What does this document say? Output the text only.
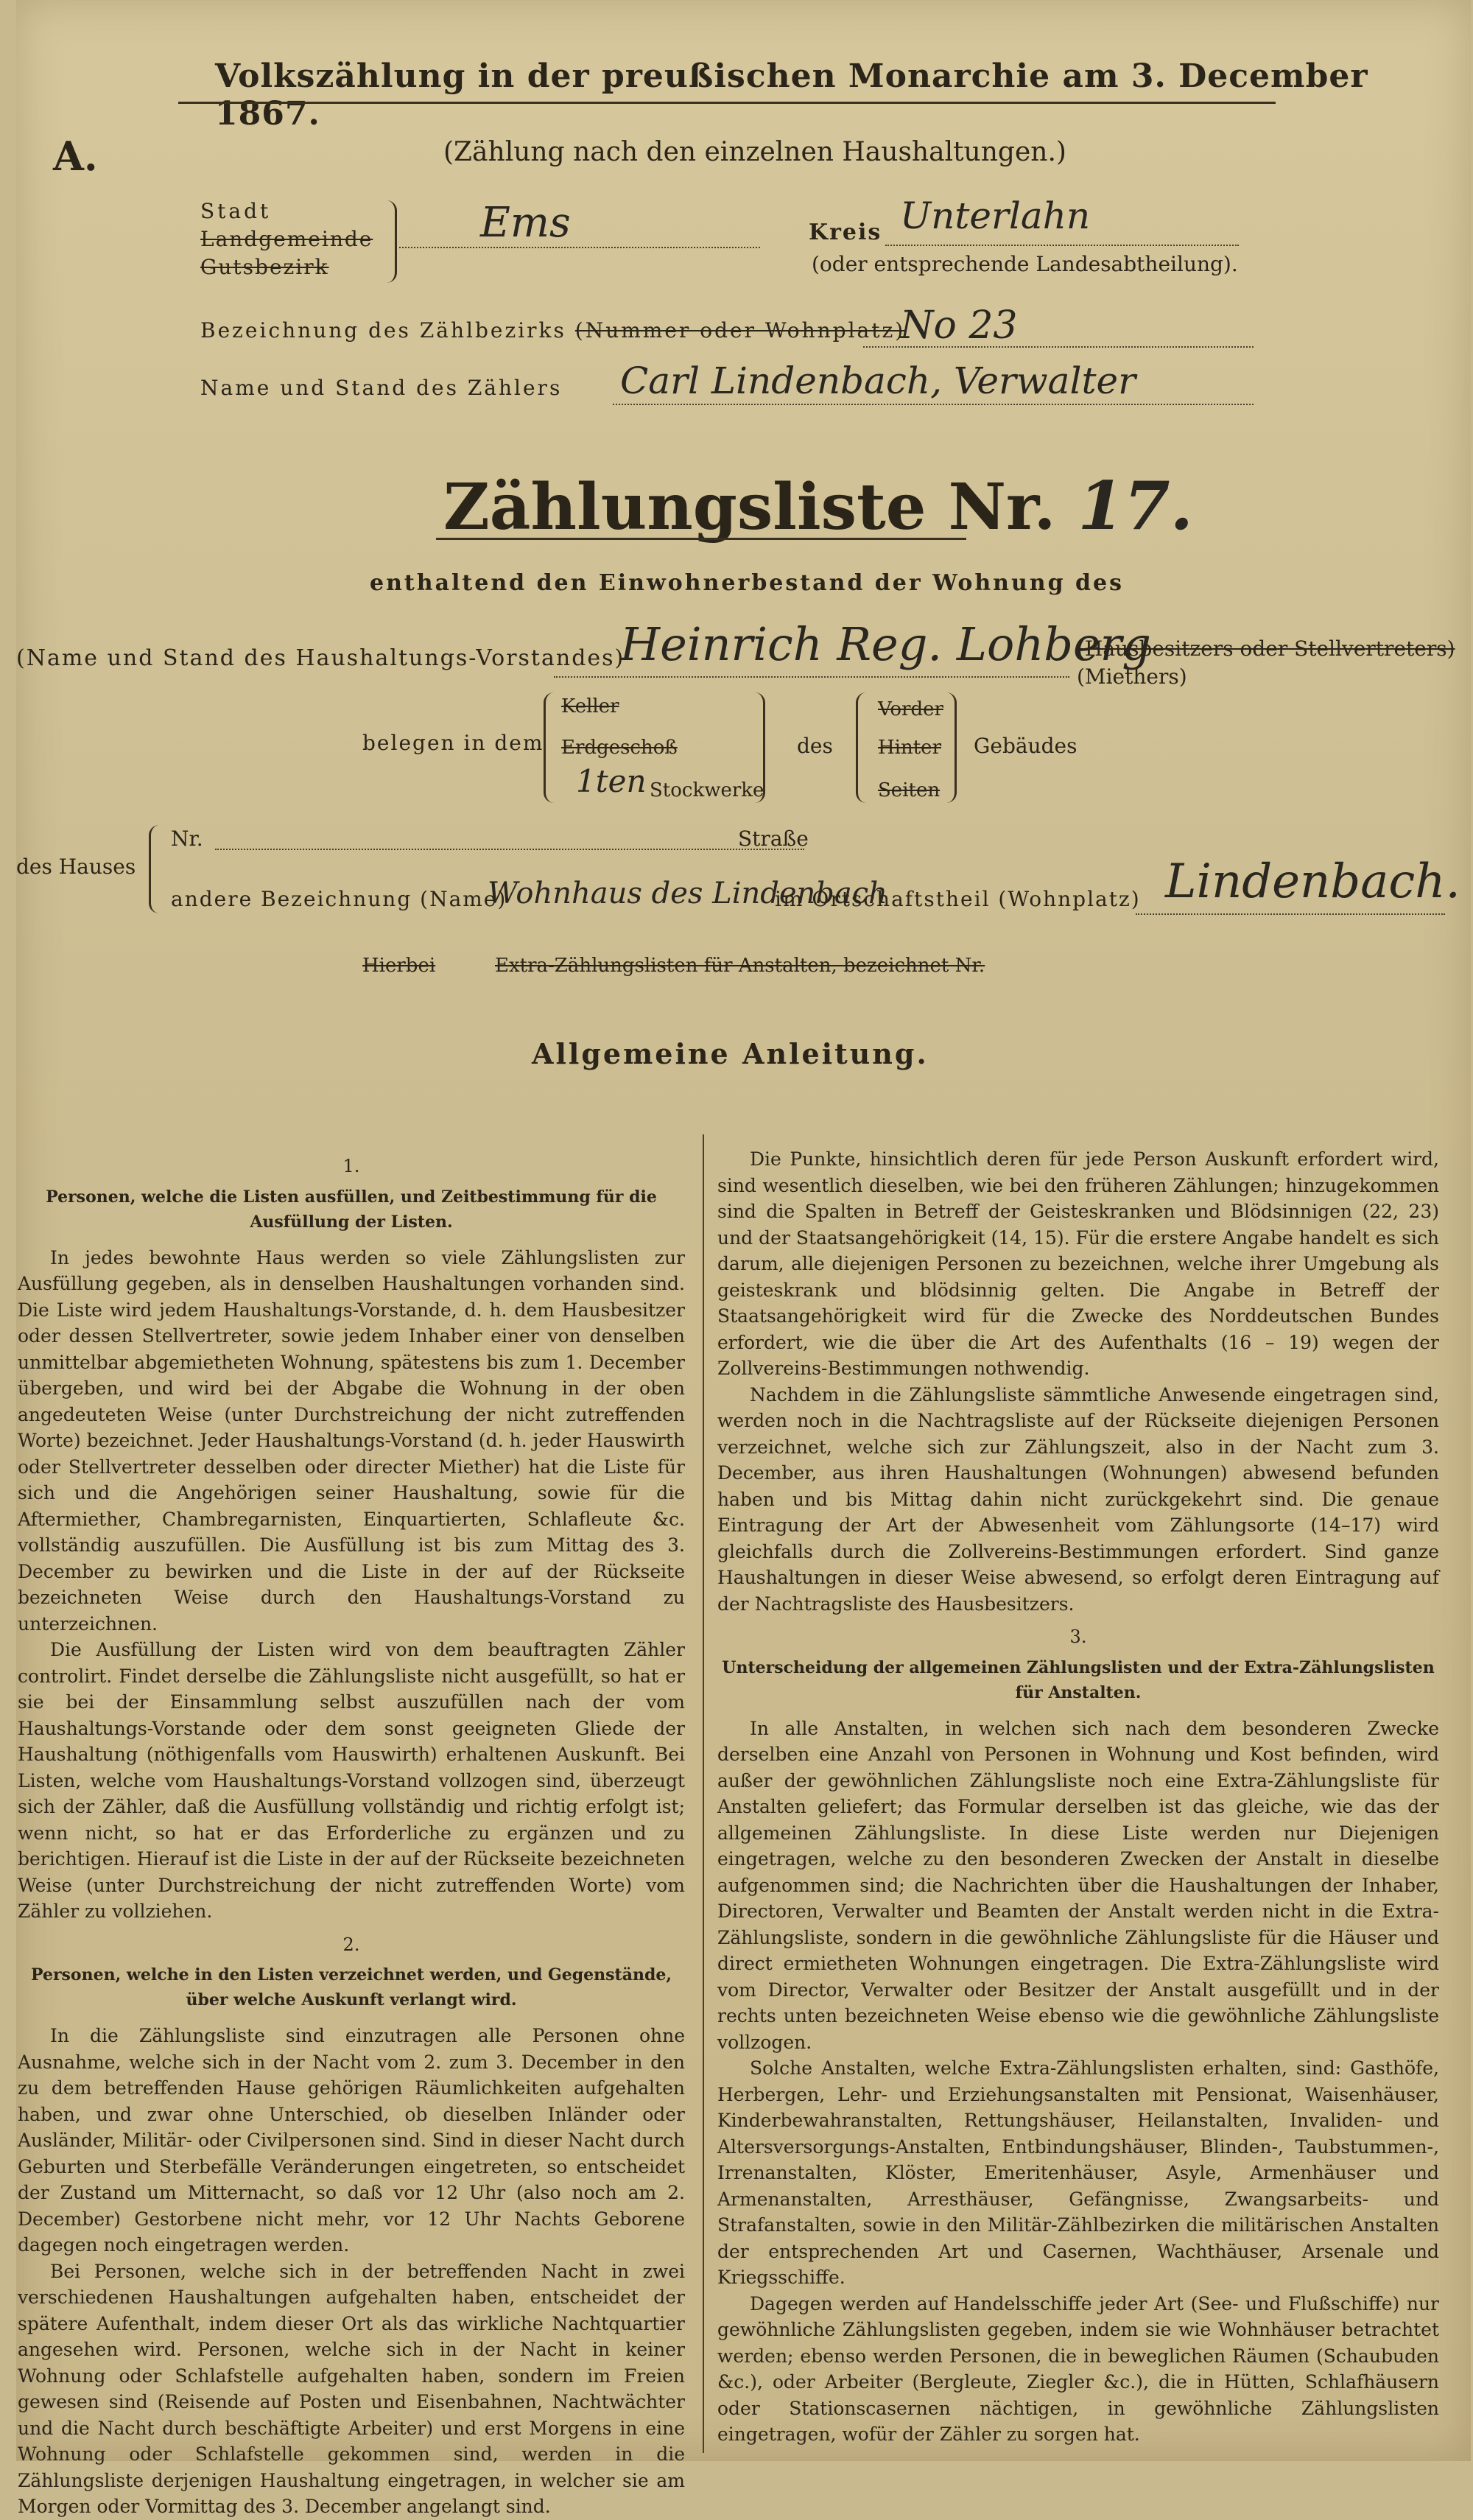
Volkszählung in der preußischen Monarchie am 3. December 1867.
A.	(Zählung nach den einzelnen Haushaltungen.)
Stadt
Landgemeinde
Gutsbezirk
Ems	Kreis Unterlahn
(oder entsprechende Landesabtheilung).
Bezeichnung des Zählbezirks (Nummer oder Wohnplatz)
No 23
Name und Stand des Zählers Carl Lindenbach, Verwalter
Zählungsliste Nr. 17.
enthaltend den Einwohnerbestand der Wohnung des
(Name und Stand des Haushaltungs-Vorstandes)
Heinrich Reg. Lohberg
(Hausbesitzers oder Stellvertreters)
(Miethers)
belegen in dem
Keller
Erdgeschoß
1ten Stockwerke
des
Vorder
Hinter
Seiten
Gebäudes
des Hauses
Nr.	Straße
andere Bezeichnung (Name)
Wohnhaus des Lindenbach
im Ortschaftstheil (Wohnplatz) Lindenbach.
Hierbei	Extra-Zählungslisten für Anstalten, bezeichnet Nr.
Allgemeine Anleitung.
1.
Personen, welche die Listen ausfüllen, und Zeitbestimmung für die Ausfüllung der Listen.

In jedes bewohnte Haus werden so viele Zählungslisten zur Ausfüllung gegeben, als in denselben Haushaltungen vorhanden sind. Die Liste wird jedem Haushaltungs-Vorstande, d. h. dem Hausbesitzer oder dessen Stellvertreter, sowie jedem Inhaber einer von denselben unmittelbar abgemietheten Wohnung, spätestens bis zum 1. December übergeben, und wird bei der Abgabe die Wohnung in der oben angedeuteten Weise (unter Durchstreichung der nicht zutreffenden Worte) bezeichnet. Jeder Haushaltungs-Vorstand (d. h. jeder Hauswirth oder Stellvertreter desselben oder directer Miether) hat die Liste für sich und die Angehörigen seiner Haushaltung, sowie für die Aftermiether, Chambregarnisten, Einquartierten, Schlafleute &c. vollständig auszufüllen. Die Ausfüllung ist bis zum Mittag des 3. December zu bewirken und die Liste in der auf der Rückseite bezeichneten Weise durch den Haushaltungs-Vorstand zu unterzeichnen.

Die Ausfüllung der Listen wird von dem beauftragten Zähler controlirt. Findet derselbe die Zählungsliste nicht ausgefüllt, so hat er sie bei der Einsammlung selbst auszufüllen nach der vom Haushaltungs-Vorstande oder dem sonst geeigneten Gliede der Haushaltung (nöthigenfalls vom Hauswirth) erhaltenen Auskunft. Bei Listen, welche vom Haushaltungs-Vorstand vollzogen sind, überzeugt sich der Zähler, daß die Ausfüllung vollständig und richtig erfolgt ist; wenn nicht, so hat er das Erforderliche zu ergänzen und zu berichtigen. Hierauf ist die Liste in der auf der Rückseite bezeichneten Weise (unter Durchstreichung der nicht zutreffenden Worte) vom Zähler zu vollziehen.

2.
Personen, welche in den Listen verzeichnet werden, und Gegenstände, über welche Auskunft verlangt wird.

In die Zählungsliste sind einzutragen alle Personen ohne Ausnahme, welche sich in der Nacht vom 2. zum 3. December in den zu dem betreffenden Hause gehörigen Räumlichkeiten aufgehalten haben, und zwar ohne Unterschied, ob dieselben Inländer oder Ausländer, Militär- oder Civilpersonen sind. Sind in dieser Nacht durch Geburten und Sterbefälle Veränderungen eingetreten, so entscheidet der Zustand um Mitternacht, so daß vor 12 Uhr (also noch am 2. December) Gestorbene nicht mehr, vor 12 Uhr Nachts Geborene dagegen noch eingetragen werden.

Bei Personen, welche sich in der betreffenden Nacht in zwei verschiedenen Haushaltungen aufgehalten haben, entscheidet der spätere Aufenthalt, indem dieser Ort als das wirkliche Nachtquartier angesehen wird. Personen, welche sich in der Nacht in keiner Wohnung oder Schlafstelle aufgehalten haben, sondern im Freien gewesen sind (Reisende auf Posten und Eisenbahnen, Nachtwächter und die Nacht durch beschäftigte Arbeiter) und erst Morgens in eine Wohnung oder Schlafstelle gekommen sind, werden in die Zählungsliste derjenigen Haushaltung eingetragen, in welcher sie am Morgen oder Vormittag des 3. December angelangt sind.

Die Punkte, hinsichtlich deren für jede Person Auskunft erfordert wird, sind wesentlich dieselben, wie bei den früheren Zählungen; hinzugekommen sind die Spalten in Betreff der Geisteskranken und Blödsinnigen (22, 23) und der Staatsangehörigkeit (14, 15). Für die erstere Angabe handelt es sich darum, alle diejenigen Personen zu bezeichnen, welche ihrer Umgebung als geisteskrank und blödsinnig gelten. Die Angabe in Betreff der Staatsangehörigkeit wird für die Zwecke des Norddeutschen Bundes erfordert, wie die über die Art des Aufenthalts (16 – 19) wegen der Zollvereins-Bestimmungen nothwendig.

Nachdem in die Zählungsliste sämmtliche Anwesende eingetragen sind, werden noch in die Nachtragsliste auf der Rückseite diejenigen Personen verzeichnet, welche sich zur Zählungszeit, also in der Nacht zum 3. December, aus ihren Haushaltungen (Wohnungen) abwesend befunden haben und bis Mittag dahin nicht zurückgekehrt sind. Die genaue Eintragung der Art der Abwesenheit vom Zählungsorte (14–17) wird gleichfalls durch die Zollvereins-Bestimmungen erfordert. Sind ganze Haushaltungen in dieser Weise abwesend, so erfolgt deren Eintragung auf der Nachtragsliste des Hausbesitzers.

3.
Unterscheidung der allgemeinen Zählungslisten und der Extra-Zählungslisten für Anstalten.

In alle Anstalten, in welchen sich nach dem besonderen Zwecke derselben eine Anzahl von Personen in Wohnung und Kost befinden, wird außer der gewöhnlichen Zählungsliste noch eine Extra-Zählungsliste für Anstalten geliefert; das Formular derselben ist das gleiche, wie das der allgemeinen Zählungsliste. In diese Liste werden nur Diejenigen eingetragen, welche zu den besonderen Zwecken der Anstalt in dieselbe aufgenommen sind; die Nachrichten über die Haushaltungen der Inhaber, Directoren, Verwalter und Beamten der Anstalt werden nicht in die Extra-Zählungsliste, sondern in die gewöhnliche Zählungsliste für die Häuser und direct ermietheten Wohnungen eingetragen. Die Extra-Zählungsliste wird vom Director, Verwalter oder Besitzer der Anstalt ausgefüllt und in der rechts unten bezeichneten Weise ebenso wie die gewöhnliche Zählungsliste vollzogen.

Solche Anstalten, welche Extra-Zählungslisten erhalten, sind: Gasthöfe, Herbergen, Lehr- und Erziehungsanstalten mit Pensionat, Waisenhäuser, Kinderbewahranstalten, Rettungshäuser, Heilanstalten, Invaliden- und Altersversorgungs-Anstalten, Entbindungshäuser, Blinden-, Taubstummen-, Irrenanstalten, Klöster, Emeritenhäuser, Asyle, Armenhäuser und Armenanstalten, Arresthäuser, Gefängnisse, Zwangsarbeits- und Strafanstalten, sowie in den Militär-Zählbezirken die militärischen Anstalten der entsprechenden Art und Casernen, Wachthäuser, Arsenale und Kriegsschiffe.

Dagegen werden auf Handelsschiffe jeder Art (See- und Flußschiffe) nur gewöhnliche Zählungslisten gegeben, indem sie wie Wohnhäuser betrachtet werden; ebenso werden Personen, die in beweglichen Räumen (Schaubuden &c.), oder Arbeiter (Bergleute, Ziegler &c.), die in Hütten, Schlafhäusern oder Stationscasernen nächtigen, in gewöhnliche Zählungslisten eingetragen, wofür der Zähler zu sorgen hat.
